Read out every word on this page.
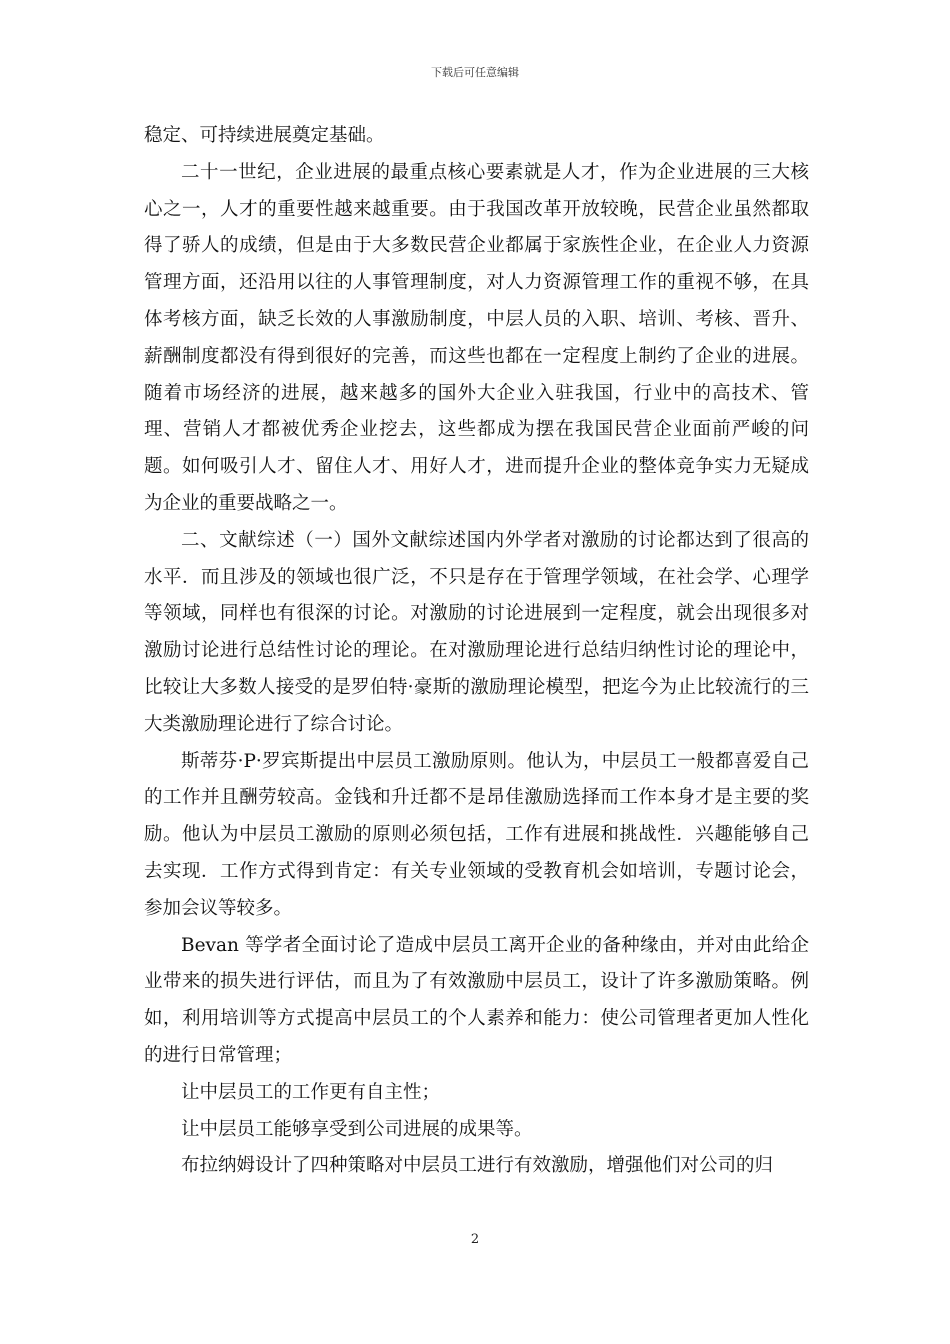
下载后可任意编辑

稳定、可持续进展奠定基础。

二十一世纪，企业进展的最重点核心要素就是人才，作为企业进展的三大核心之一，人才的重要性越来越重要。由于我国改革开放较晚，民营企业虽然都取得了骄人的成绩，但是由于大多数民营企业都属于家族性企业，在企业人力资源管理方面，还沿用以往的人事管理制度，对人力资源管理工作的重视不够，在具体考核方面，缺乏长效的人事激励制度，中层人员的入职、培训、考核、晋升、薪酬制度都没有得到很好的完善，而这些也都在一定程度上制约了企业的进展。随着市场经济的进展，越来越多的国外大企业入驻我国，行业中的高技术、管理、营销人才都被优秀企业挖去，这些都成为摆在我国民营企业面前严峻的问题。如何吸引人才、留住人才、用好人才，进而提升企业的整体竞争实力无疑成为企业的重要战略之一。

二、文献综述（一）国外文献综述国内外学者对激励的讨论都达到了很高的水平．而且涉及的领域也很广泛，不只是存在于管理学领域，在社会学、心理学等领域，同样也有很深的讨论。对激励的讨论进展到一定程度，就会出现很多对激励讨论进行总结性讨论的理论。在对激励理论进行总结归纳性讨论的理论中，比较让大多数人接受的是罗伯特·豪斯的激励理论模型，把迄今为止比较流行的三大类激励理论进行了综合讨论。

斯蒂芬·P·罗宾斯提出中层员工激励原则。他认为，中层员工一般都喜爱自己的工作并且酬劳较高。金钱和升迁都不是昂佳激励选择而工作本身才是主要的奖励。他认为中层员工激励的原则必须包括，工作有进展和挑战性．兴趣能够自己去实现．工作方式得到肯定：有关专业领域的受教育机会如培训，专题讨论会，参加会议等较多。

Bevan 等学者全面讨论了造成中层员工离开企业的备种缘由，并对由此给企业带来的损失进行评估，而且为了有效激励中层员工，设计了许多激励策略。例如，利用培训等方式提高中层员工的个人素养和能力：使公司管理者更加人性化的进行日常管理；

让中层员工的工作更有自主性；

让中层员工能够享受到公司进展的成果等。

布拉纳姆设计了四种策略对中层员工进行有效激励，增强他们对公司的归

2
